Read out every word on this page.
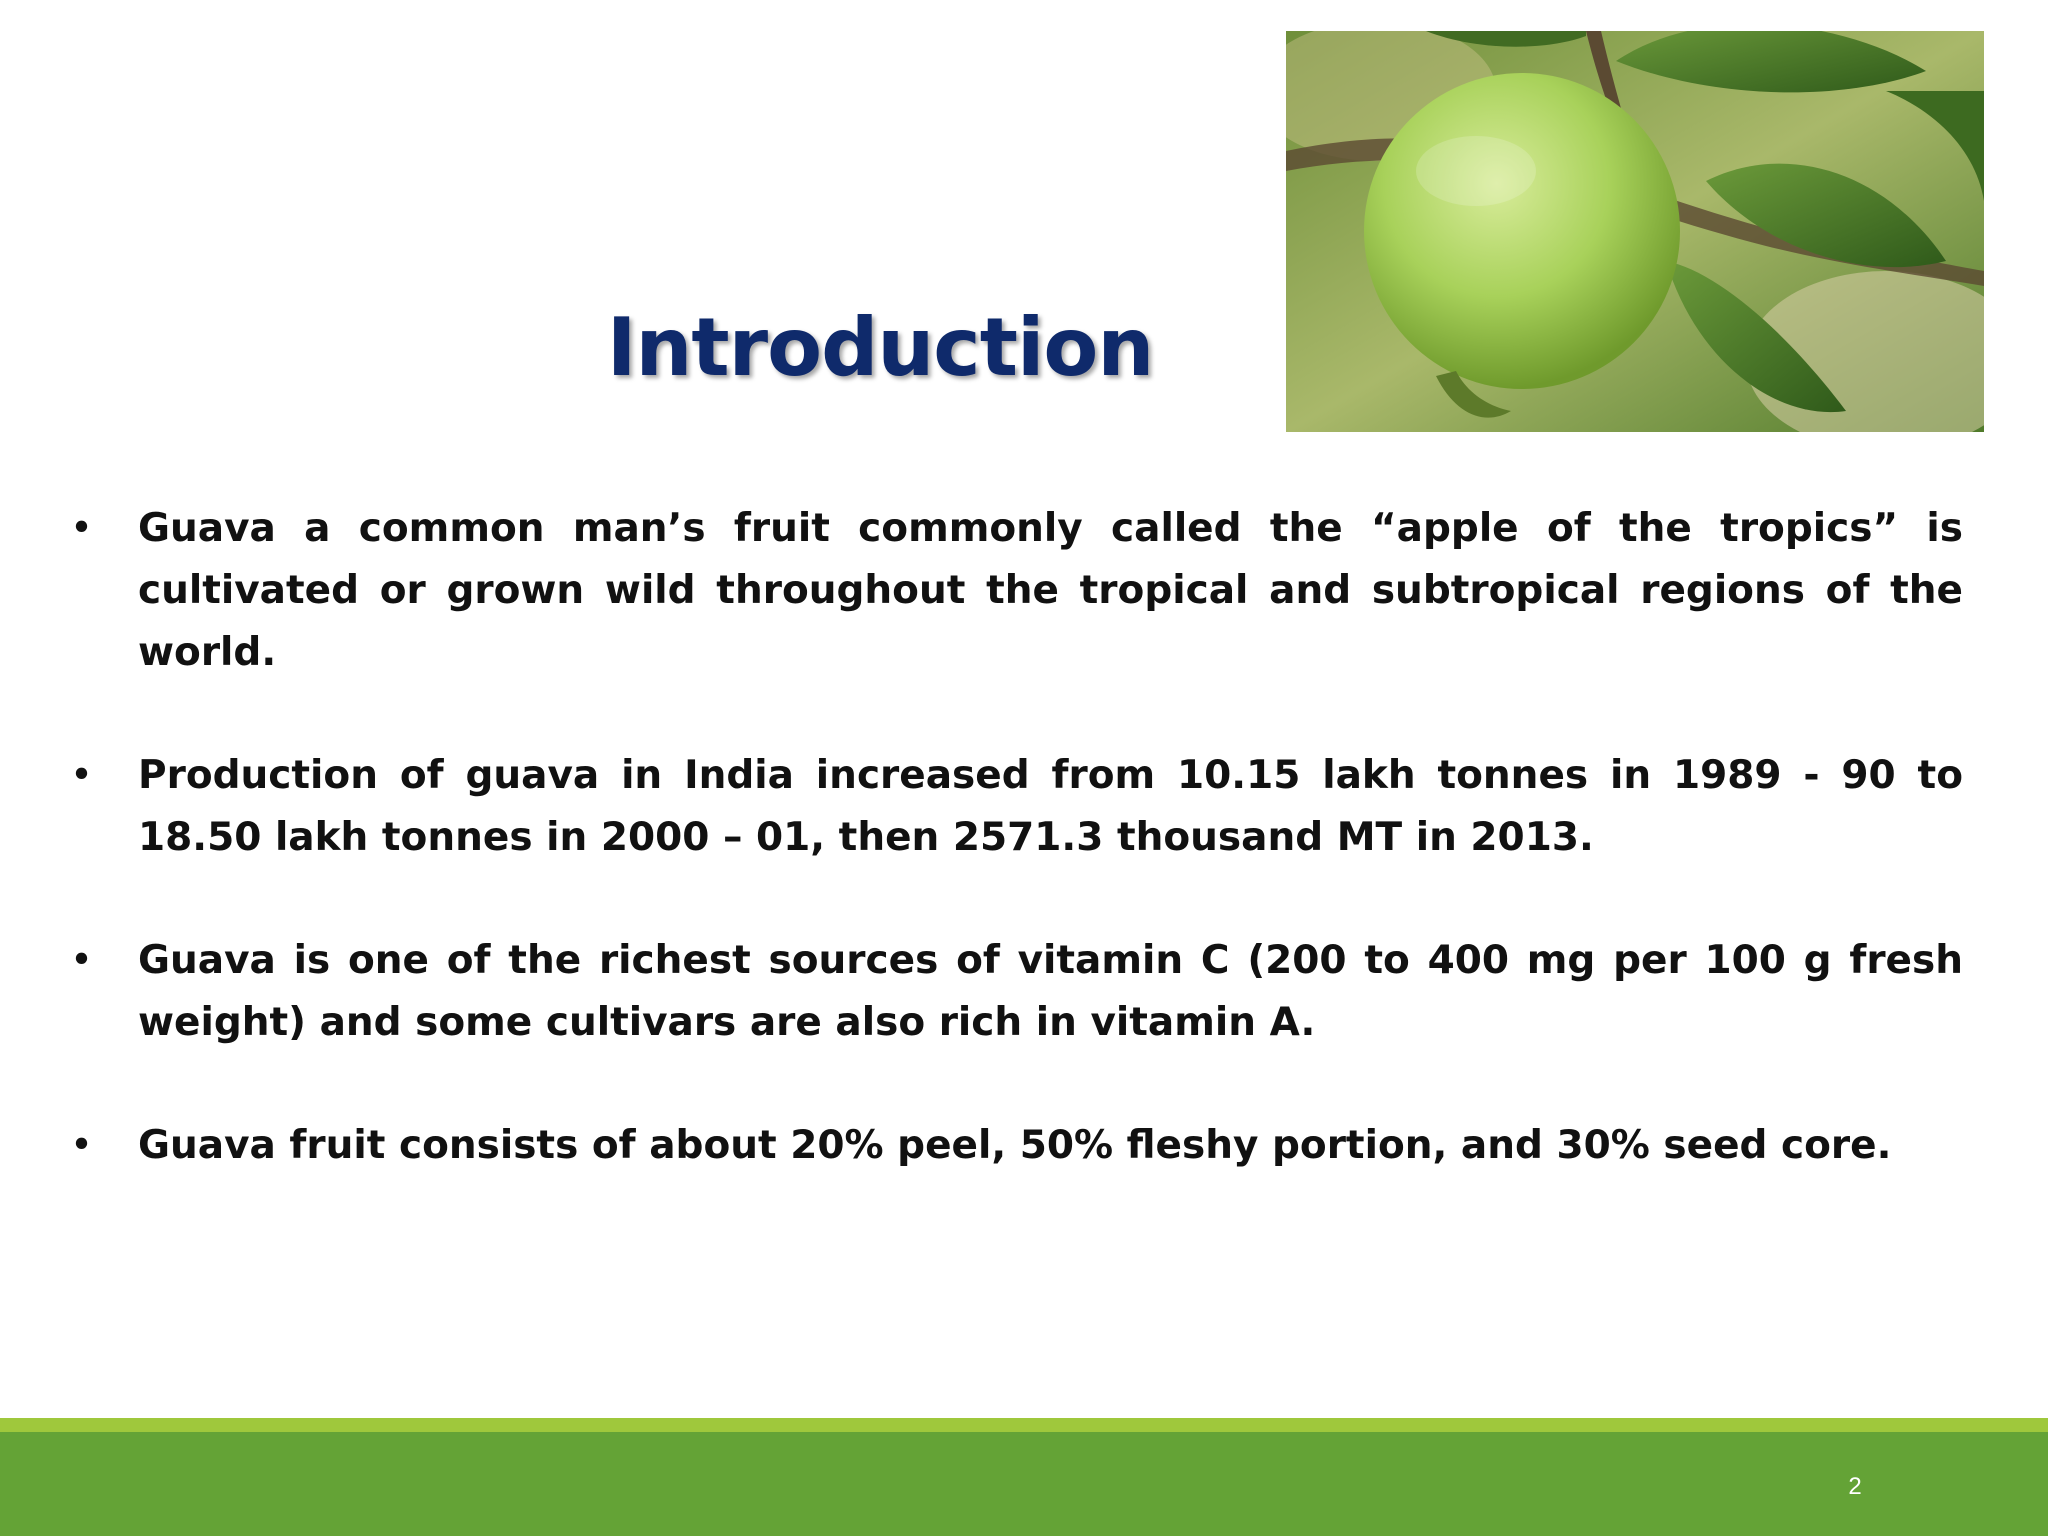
Introduction
• Guava a common man’s fruit commonly called the “apple of the tropics” is cultivated or grown wild throughout the tropical and subtropical regions of the world.
• Production of guava in India increased from 10.15 lakh tonnes in 1989 - 90 to 18.50 lakh tonnes in 2000 – 01, then 2571.3 thousand MT in 2013.
• Guava is one of the richest sources of vitamin C (200 to 400 mg per 100 g fresh weight) and some cultivars are also rich in vitamin A.
• Guava fruit consists of about 20% peel, 50% fleshy portion, and 30% seed core.
2
